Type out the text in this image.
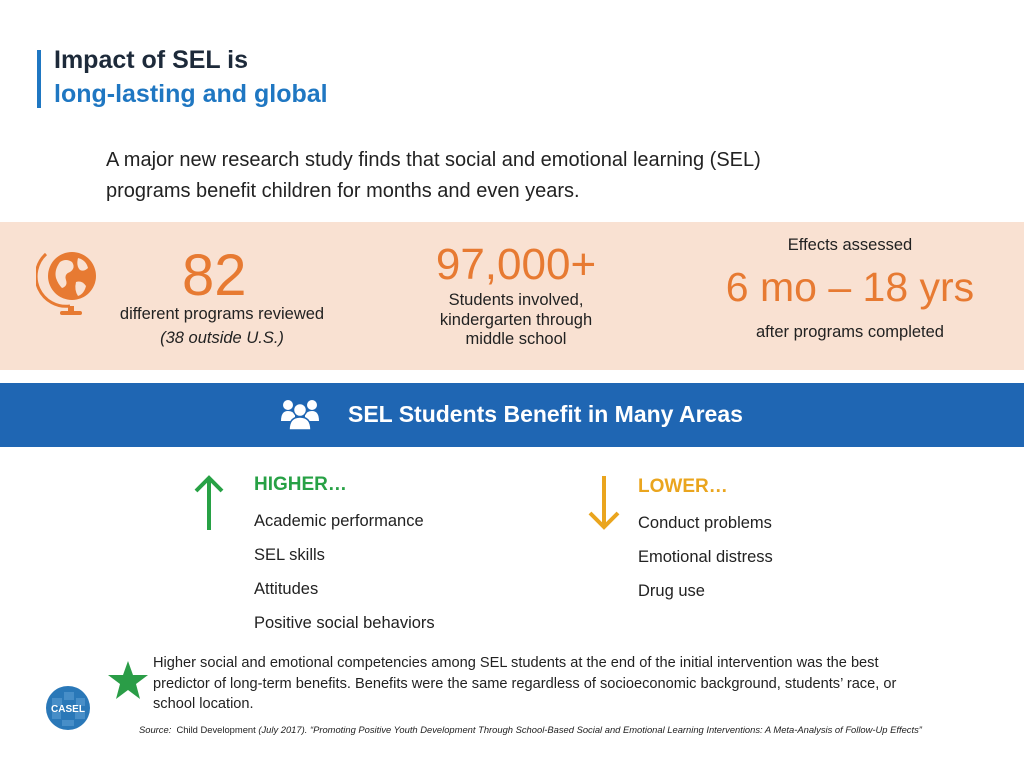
Impact of SEL is
long-lasting and global
A major new research study finds that social and emotional learning (SEL)
programs benefit children for months and even years.
82
different programs reviewed
(38 outside U.S.)
97,000+
Students involved,
kindergarten through
middle school
Effects assessed
6 mo – 18 yrs
after programs completed
SEL Students Benefit in Many Areas
HIGHER…
Academic performance
SEL skills
Attitudes
Positive social behaviors
LOWER…
Conduct problems
Emotional distress
Drug use
Higher social and emotional competencies among SEL students at the end of the initial intervention was the best
predictor of long-term benefits. Benefits were the same regardless of socioeconomic background, students’ race, or
school location.
CASEL
Source: Child Development (July 2017). “Promoting Positive Youth Development Through School-Based Social and Emotional Learning Interventions: A Meta-Analysis of Follow-Up Effects”
